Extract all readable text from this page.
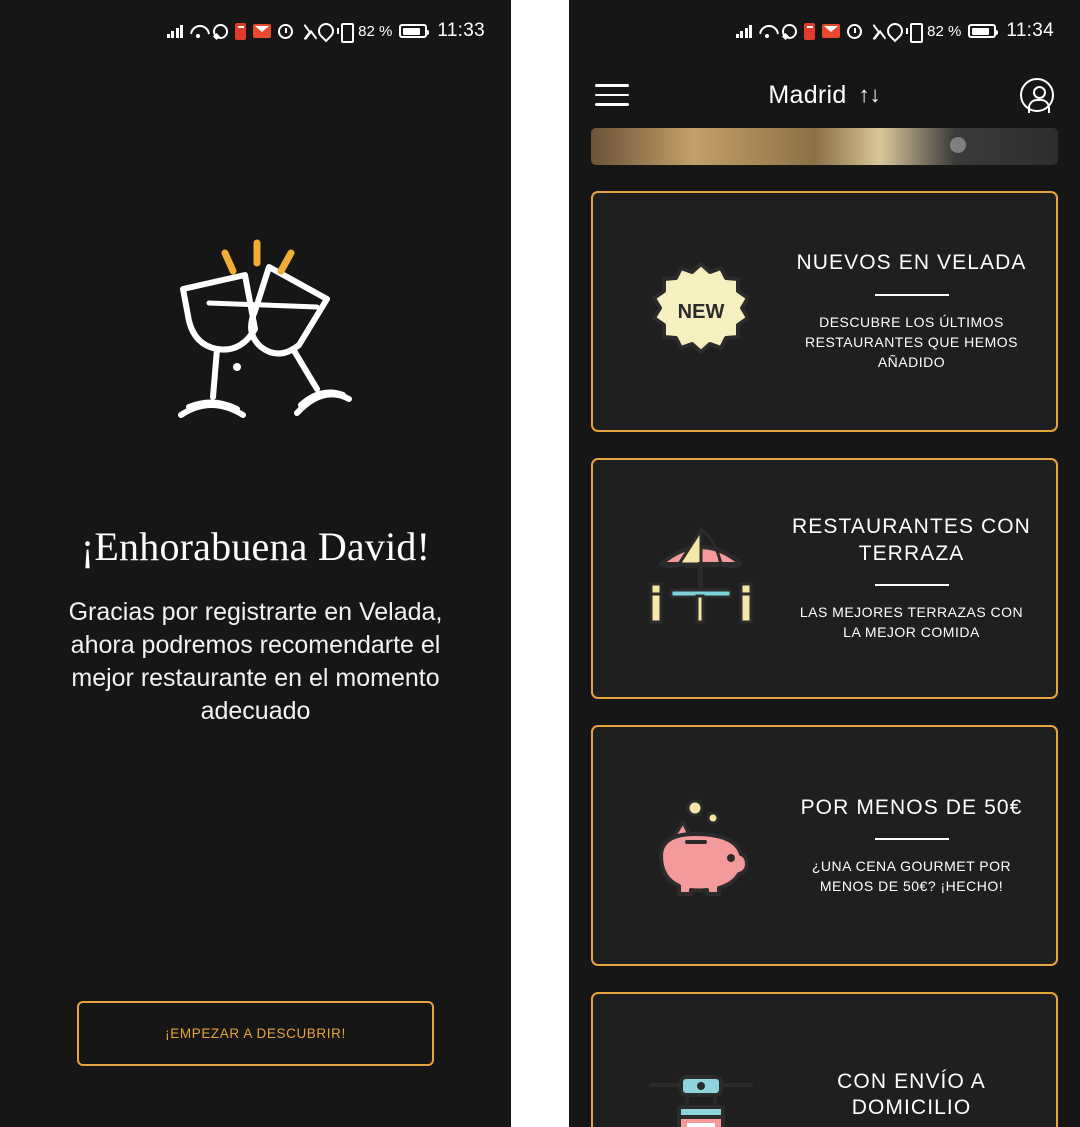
82 % 11:33
¡Enhorabuena David!
Gracias por registrarte en Velada, ahora podremos recomendarte el mejor restaurante en el momento adecuado
¡EMPEZAR A DESCUBRIR!
82 % 11:34
Madrid ↑↓
NEW
NUEVOS EN VELADA
DESCUBRE LOS ÚLTIMOS RESTAURANTES QUE HEMOS AÑADIDO
RESTAURANTES CON TERRAZA
LAS MEJORES TERRAZAS CON LA MEJOR COMIDA
POR MENOS DE 50€
¿UNA CENA GOURMET POR MENOS DE 50€? ¡HECHO!
CON ENVÍO A DOMICILIO
